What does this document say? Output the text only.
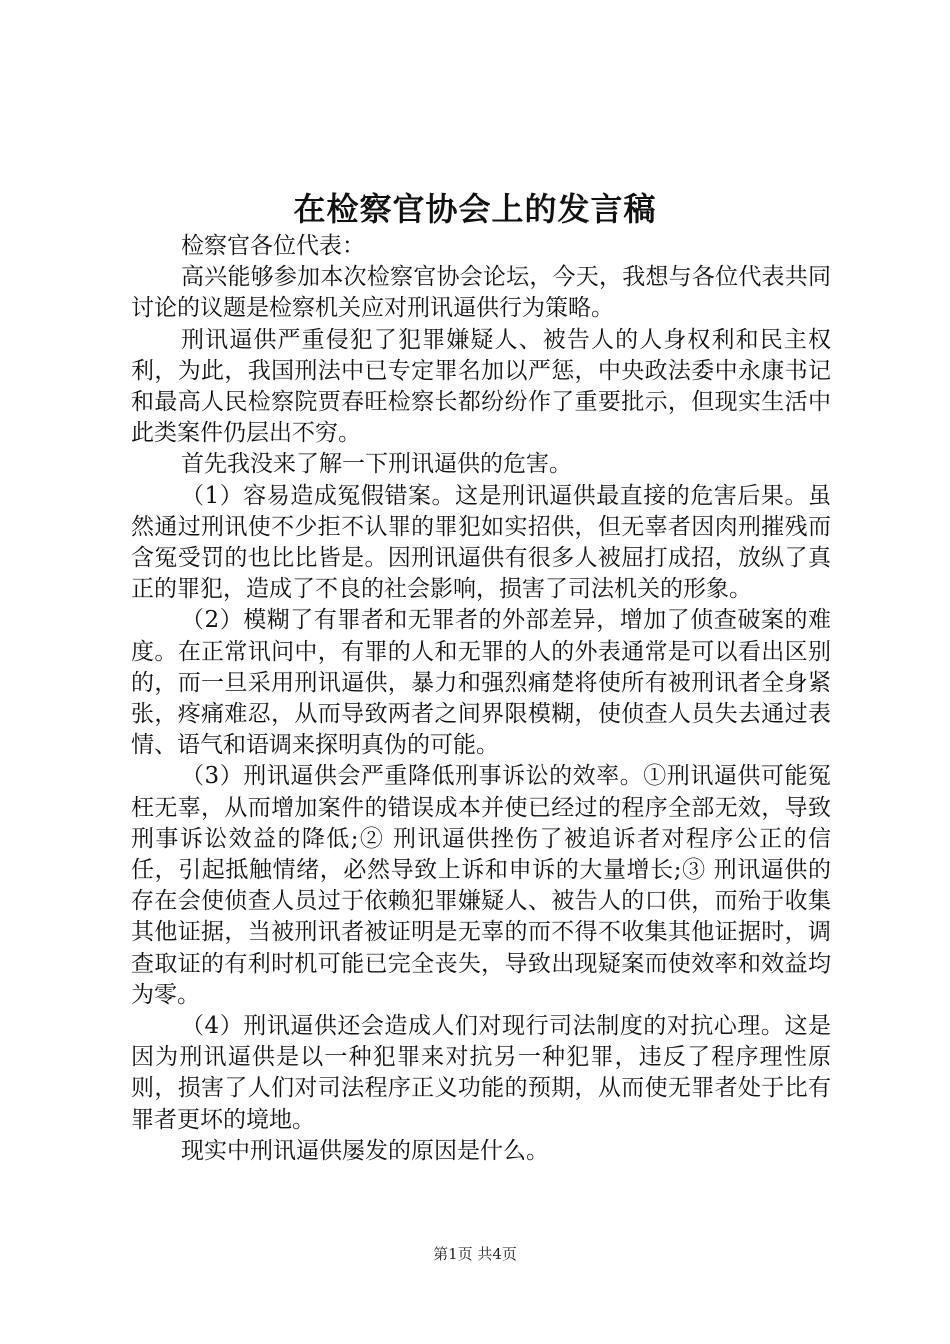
在检察官协会上的发言稿

检察官各位代表：

高兴能够参加本次检察官协会论坛，今天，我想与各位代表共同讨论的议题是检察机关应对刑讯逼供行为策略。

刑讯逼供严重侵犯了犯罪嫌疑人、被告人的人身权利和民主权利，为此，我国刑法中已专定罪名加以严惩，中央政法委中永康书记和最高人民检察院贾春旺检察长都纷纷作了重要批示，但现实生活中此类案件仍层出不穷。

首先我没来了解一下刑讯逼供的危害。

（1）容易造成冤假错案。这是刑讯逼供最直接的危害后果。虽然通过刑讯使不少拒不认罪的罪犯如实招供，但无辜者因肉刑摧残而含冤受罚的也比比皆是。因刑讯逼供有很多人被屈打成招，放纵了真正的罪犯，造成了不良的社会影响，损害了司法机关的形象。

（2）模糊了有罪者和无罪者的外部差异，增加了侦查破案的难度。在正常讯问中，有罪的人和无罪的人的外表通常是可以看出区别的，而一旦采用刑讯逼供，暴力和强烈痛楚将使所有被刑讯者全身紧张，疼痛难忍，从而导致两者之间界限模糊，使侦查人员失去通过表情、语气和语调来探明真伪的可能。

（3）刑讯逼供会严重降低刑事诉讼的效率。①刑讯逼供可能冤枉无辜，从而增加案件的错误成本并使已经过的程序全部无效，导致刑事诉讼效益的降低;② 刑讯逼供挫伤了被追诉者对程序公正的信任，引起抵触情绪，必然导致上诉和申诉的大量增长;③ 刑讯逼供的存在会使侦查人员过于依赖犯罪嫌疑人、被告人的口供，而殆于收集其他证据，当被刑讯者被证明是无辜的而不得不收集其他证据时，调查取证的有利时机可能已完全丧失，导致出现疑案而使效率和效益均为零。

（4）刑讯逼供还会造成人们对现行司法制度的对抗心理。这是因为刑讯逼供是以一种犯罪来对抗另一种犯罪，违反了程序理性原则，损害了人们对司法程序正义功能的预期，从而使无罪者处于比有罪者更坏的境地。

现实中刑讯逼供屡发的原因是什么。

第1页 共4页
